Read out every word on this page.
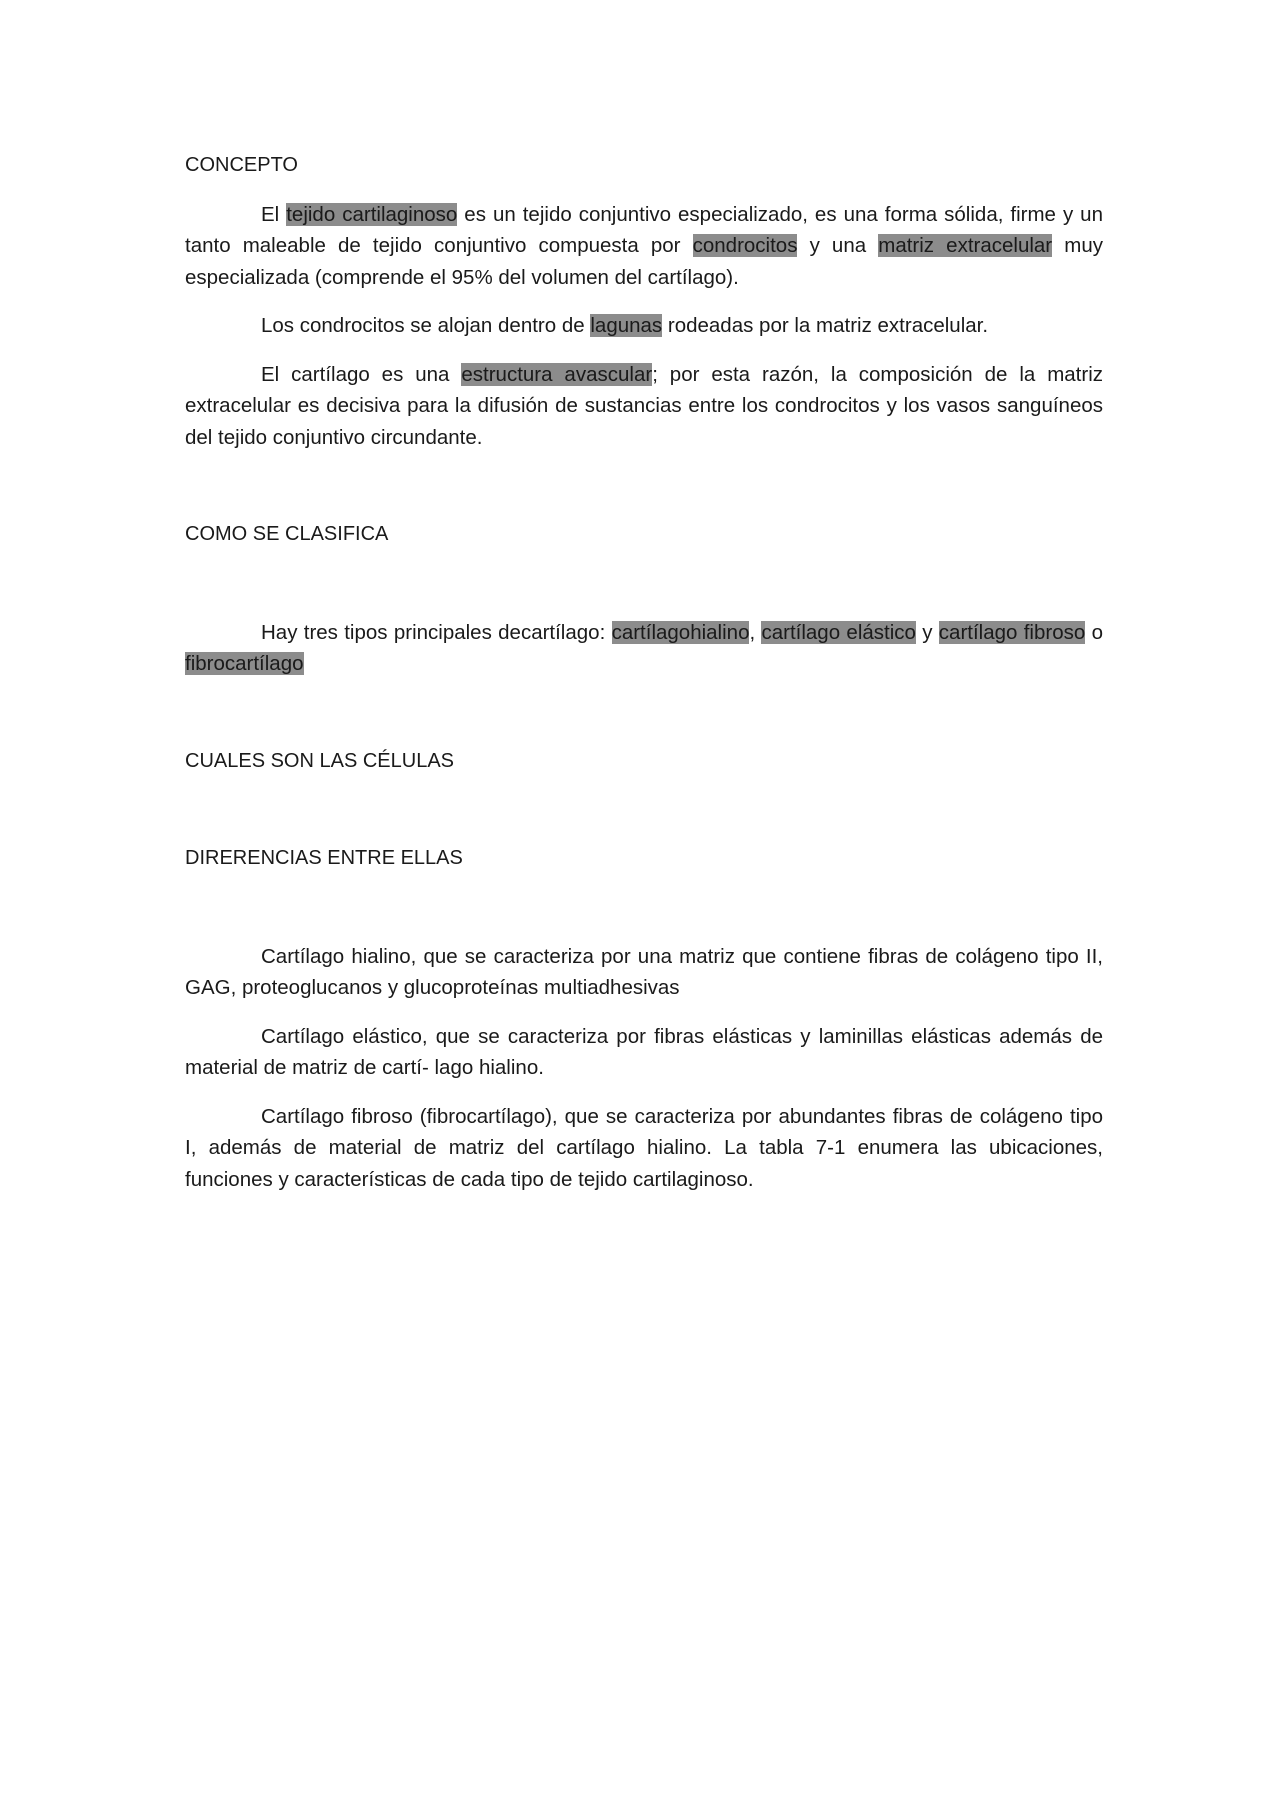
CONCEPTO

El tejido cartilaginoso es un tejido conjuntivo especializado, es una forma sólida, firme y un tanto maleable de tejido conjuntivo compuesta por condrocitos y una matriz extracelular muy especializada (comprende el 95% del volumen del cartílago).

Los condrocitos se alojan dentro de lagunas rodeadas por la matriz extracelular.

El cartílago es una estructura avascular; por esta razón, la composición de la matriz extracelular es decisiva para la difusión de sustancias entre los condrocitos y los vasos sanguíneos del tejido conjuntivo circundante.

COMO SE CLASIFICA

Hay tres tipos principales decartílago: cartílagohialino, cartílago elástico y cartílago fibroso o fibrocartílago

CUALES SON LAS CÉLULAS
DIRERENCIAS ENTRE ELLAS

Cartílago hialino, que se caracteriza por una matriz que contiene fibras de colágeno tipo II, GAG, proteoglucanos y glucoproteínas multiadhesivas

Cartílago elástico, que se caracteriza por fibras elásticas y laminillas elásticas además de material de matriz de cartí- lago hialino.

Cartílago fibroso (fibrocartílago), que se caracteriza por abundantes fibras de colágeno tipo I, además de material de matriz del cartílago hialino. La tabla 7-1 enumera las ubicaciones, funciones y características de cada tipo de tejido cartilaginoso.
